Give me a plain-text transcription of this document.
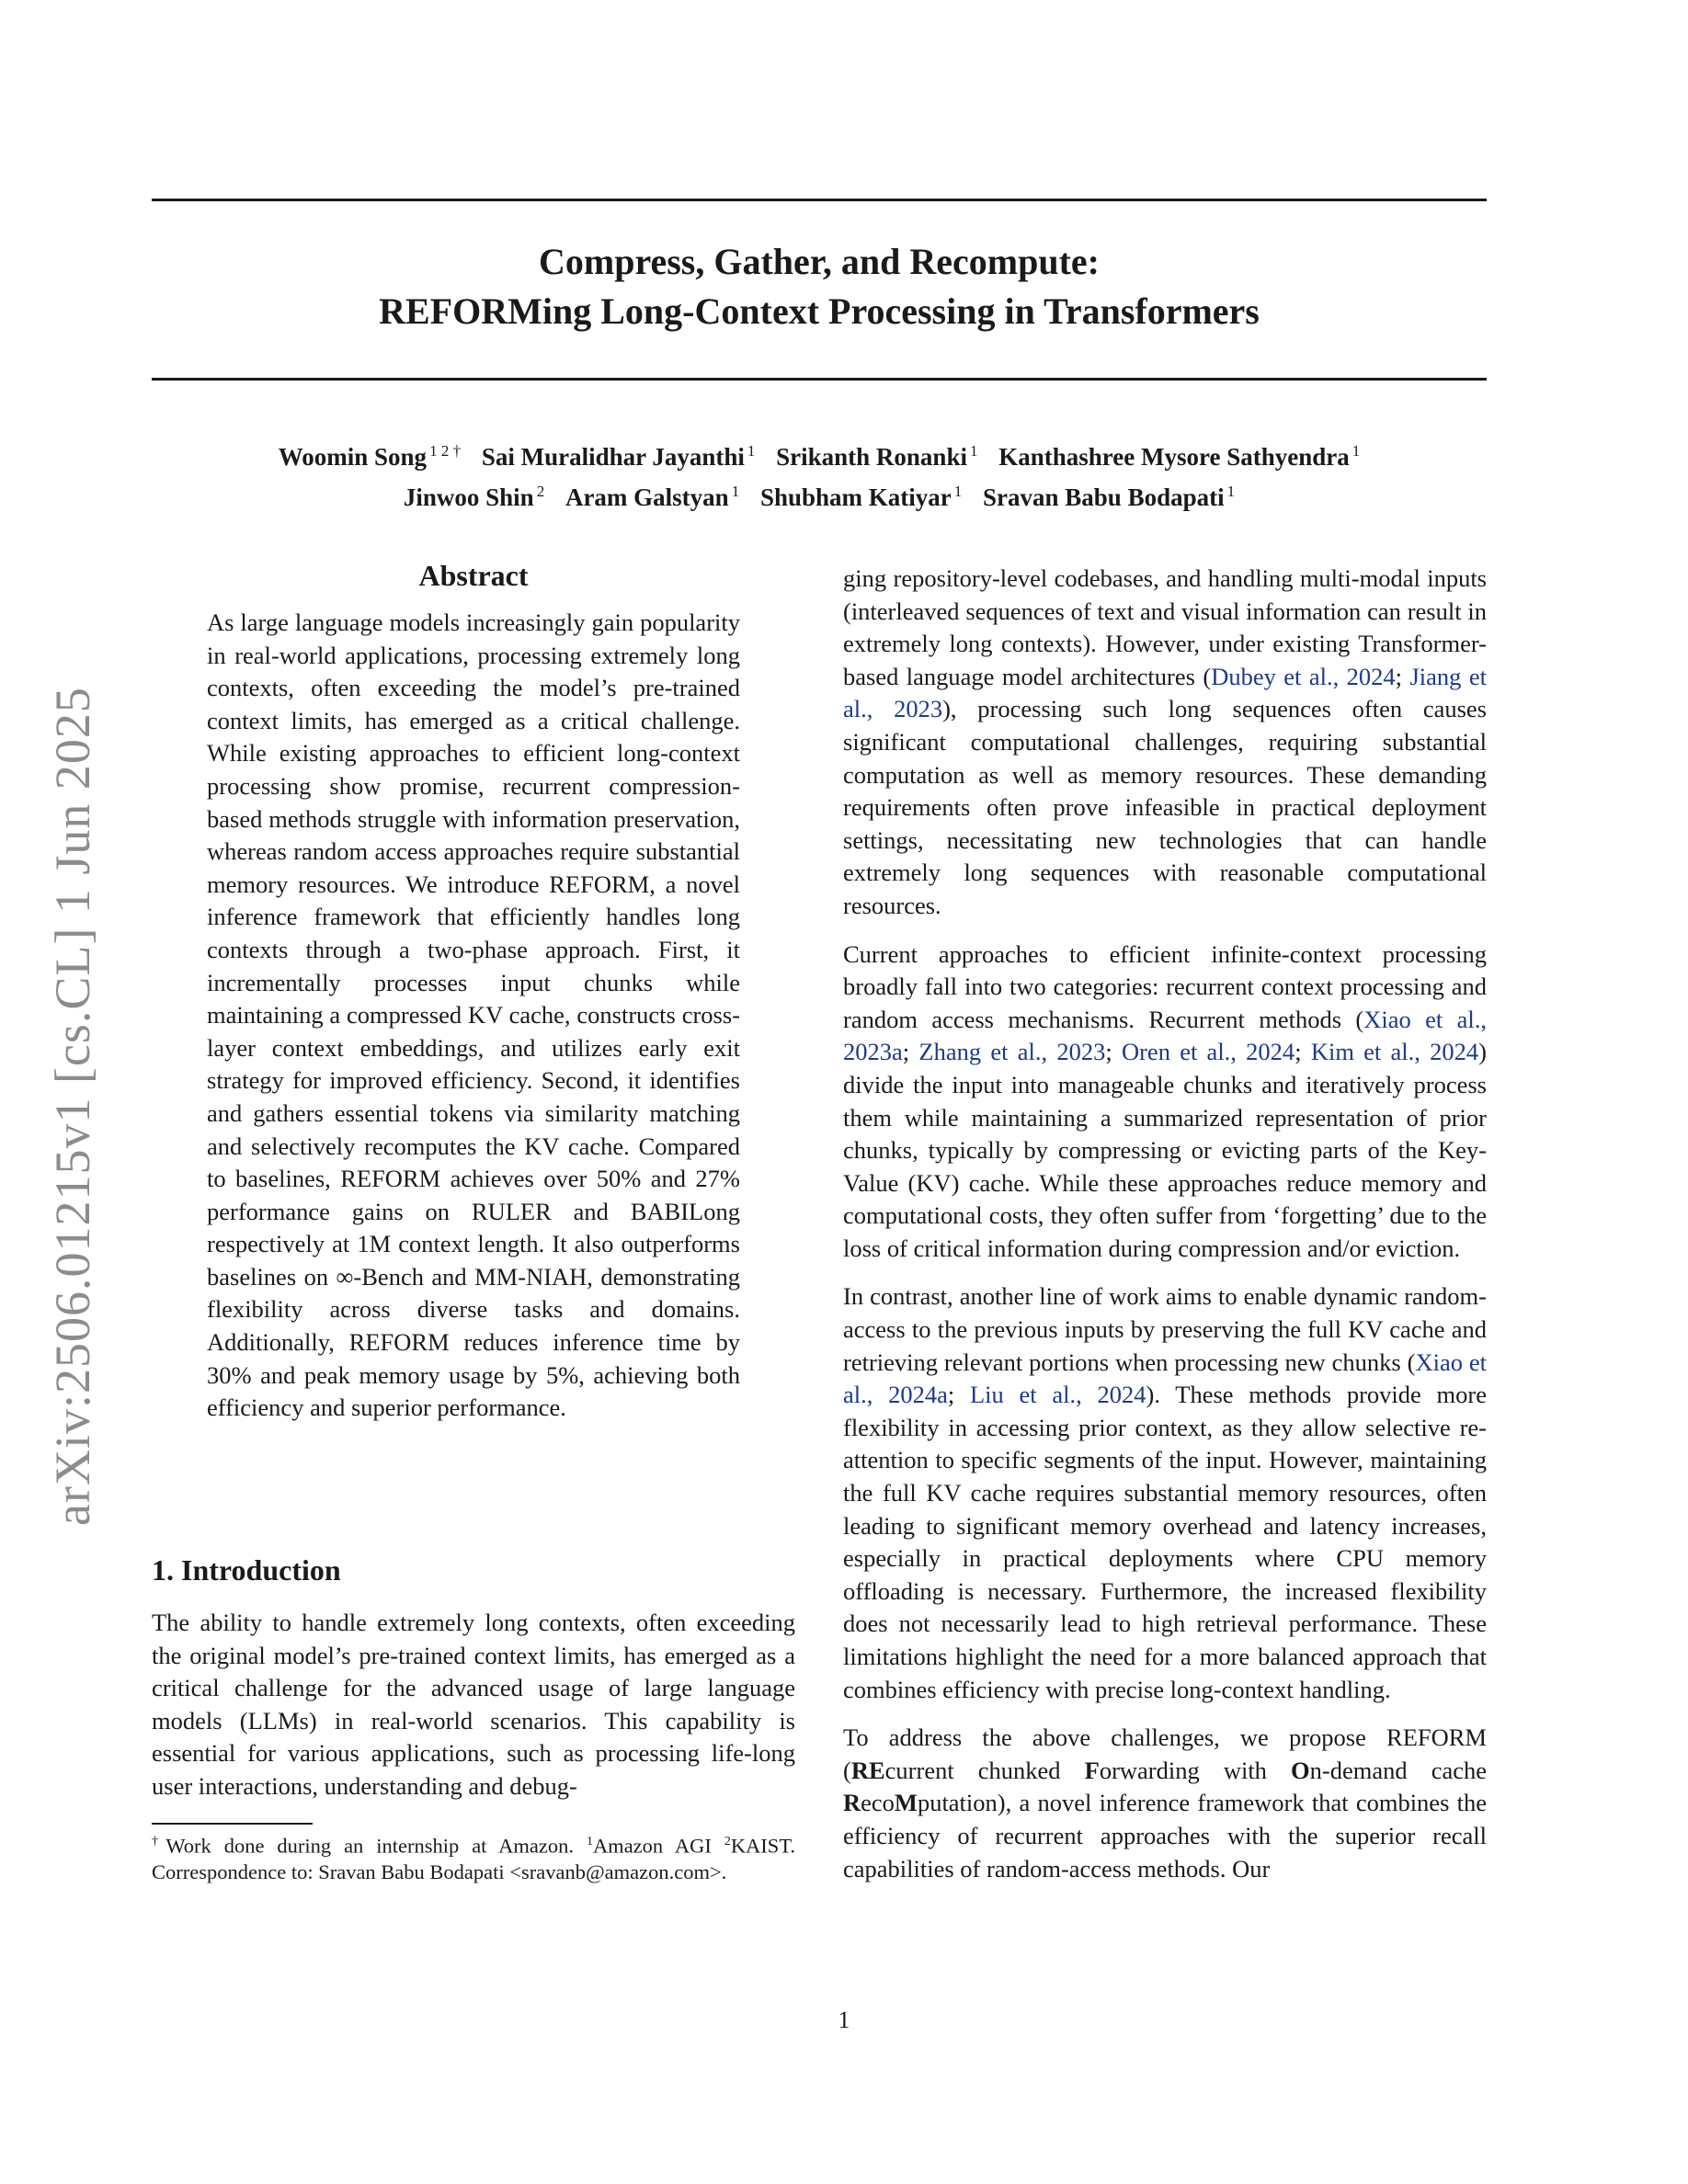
Compress, Gather, and Recompute:
REFORMing Long-Context Processing in Transformers
Woomin Song $^{1 2 \dagger}$ Sai Muralidhar Jayanthi $^1$ Srikanth Ronanki $^1$ Kanthashree Mysore Sathyendra $^1$
Jinwoo Shin $^2$ Aram Galstyan $^1$ Shubham Katiyar $^1$ Sravan Babu Bodapati $^1$
arXiv:2506.01215v1 [cs.CL] 1 Jun 2025
Abstract

As large language models increasingly gain popularity in real-world applications, processing extremely long contexts, often exceeding the model’s pre-trained context limits, has emerged as a critical challenge. While existing approaches to efficient long-context processing show promise, recurrent compression-based methods struggle with information preservation, whereas random access approaches require substantial memory resources. We introduce REFORM, a novel inference framework that efficiently handles long contexts through a two-phase approach. First, it incrementally processes input chunks while maintaining a compressed KV cache, constructs cross-layer context embeddings, and utilizes early exit strategy for improved efficiency. Second, it identifies and gathers essential tokens via similarity matching and selectively recomputes the KV cache. Compared to baselines, REFORM achieves over 50% and 27% performance gains on RULER and BABILong respectively at 1M context length. It also outperforms baselines on ∞-Bench and MM-NIAH, demonstrating flexibility across diverse tasks and domains. Additionally, REFORM reduces inference time by 30% and peak memory usage by 5%, achieving both efficiency and superior performance.

1. Introduction

The ability to handle extremely long contexts, often exceeding the original model’s pre-trained context limits, has emerged as a critical challenge for the advanced usage of large language models (LLMs) in real-world scenarios. This capability is essential for various applications, such as processing life-long user interactions, understanding and debug-

†Work done during an internship at Amazon. $^1$Amazon AGI $^2$KAIST. Correspondence to: Sravan Babu Bodapati <sravanb@amazon.com>.

ging repository-level codebases, and handling multi-modal inputs (interleaved sequences of text and visual information can result in extremely long contexts). However, under existing Transformer-based language model architectures (Dubey et al., 2024; Jiang et al., 2023), processing such long sequences often causes significant computational challenges, requiring substantial computation as well as memory resources. These demanding requirements often prove infeasible in practical deployment settings, necessitating new technologies that can handle extremely long sequences with reasonable computational resources.

Current approaches to efficient infinite-context processing broadly fall into two categories: recurrent context processing and random access mechanisms. Recurrent methods (Xiao et al., 2023a; Zhang et al., 2023; Oren et al., 2024; Kim et al., 2024) divide the input into manageable chunks and iteratively process them while maintaining a summarized representation of prior chunks, typically by compressing or evicting parts of the Key-Value (KV) cache. While these approaches reduce memory and computational costs, they often suffer from ‘forgetting’ due to the loss of critical information during compression and/or eviction.

In contrast, another line of work aims to enable dynamic random-access to the previous inputs by preserving the full KV cache and retrieving relevant portions when processing new chunks (Xiao et al., 2024a; Liu et al., 2024). These methods provide more flexibility in accessing prior context, as they allow selective re-attention to specific segments of the input. However, maintaining the full KV cache requires substantial memory resources, often leading to significant memory overhead and latency increases, especially in practical deployments where CPU memory offloading is necessary. Furthermore, the increased flexibility does not necessarily lead to high retrieval performance. These limitations highlight the need for a more balanced approach that combines efficiency with precise long-context handling.

To address the above challenges, we propose REFORM (REcurrent chunked Forwarding with On-demand cache RecoMputation), a novel inference framework that combines the efficiency of recurrent approaches with the superior recall capabilities of random-access methods. Our

1
